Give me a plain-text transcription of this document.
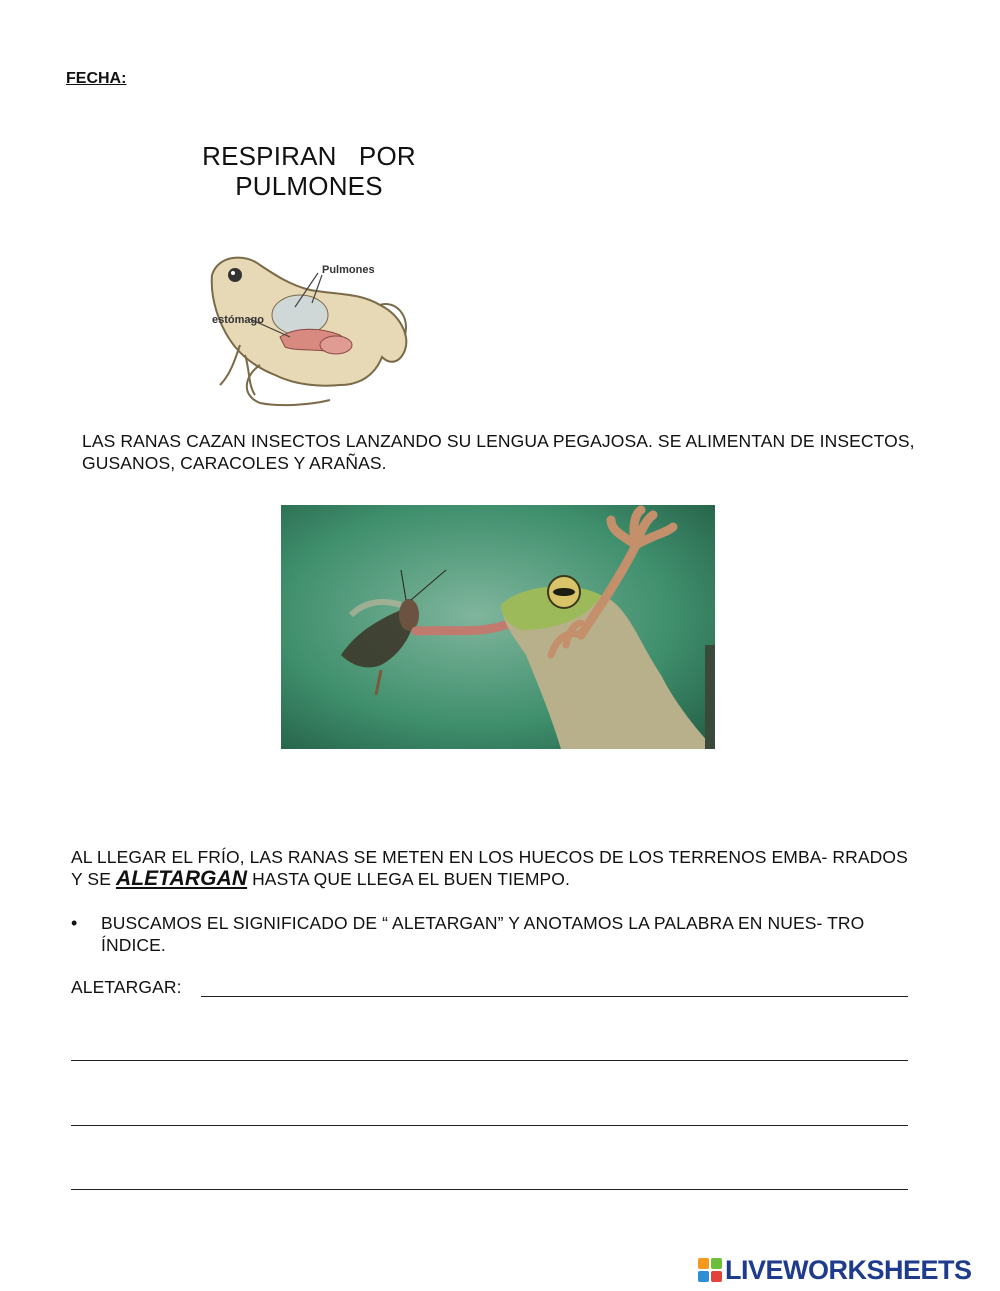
FECHA:
RESPIRAN   POR
PULMONES
Pulmones
estómago
LAS RANAS CAZAN INSECTOS LANZANDO SU LENGUA PEGAJOSA. SE ALIMENTAN DE INSECTOS, GUSANOS, CARACOLES Y ARAÑAS.
AL LLEGAR EL FRÍO, LAS RANAS SE METEN EN LOS HUECOS DE LOS TERRENOS EMBA- RRADOS Y SE ALETARGAN HASTA QUE LLEGA EL BUEN TIEMPO.
• BUSCAMOS EL SIGNIFICADO DE “ ALETARGAN” Y ANOTAMOS LA PALABRA EN NUES- TRO ÍNDICE.
ALETARGAR:
LIVEWORKSHEETS
